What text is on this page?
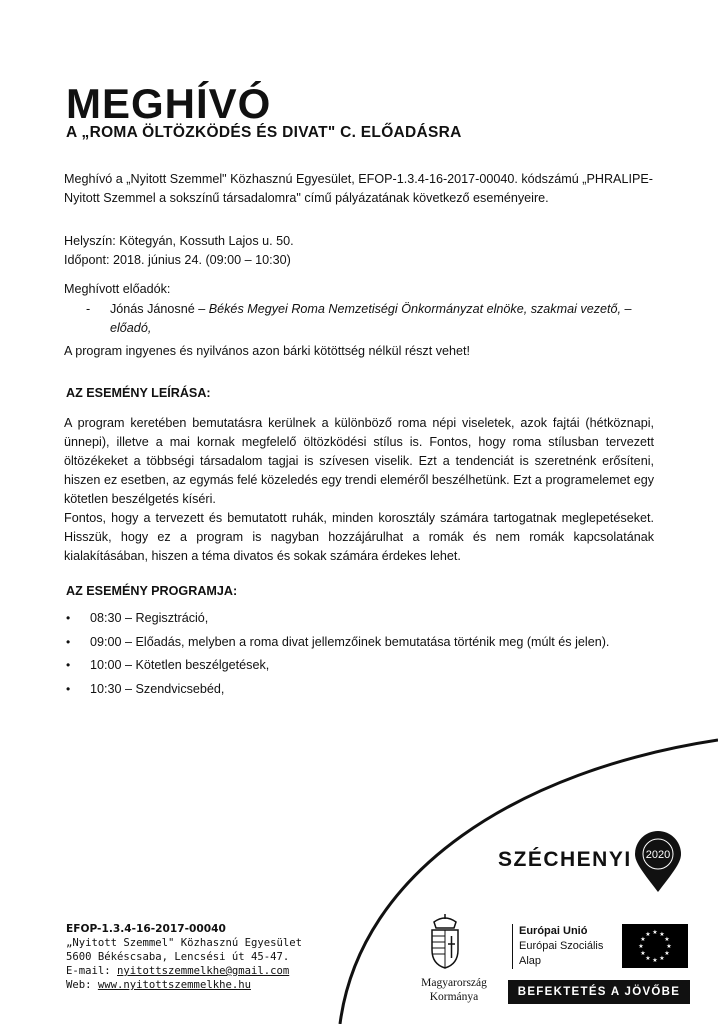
MEGHÍVÓ
A „ROMA ÖLTÖZKÖDÉS ÉS DIVAT" C. ELŐADÁSRA
Meghívó a „Nyitott Szemmel" Közhasznú Egyesület, EFOP-1.3.4-16-2017-00040. kódszámú „PHRALIPE-
Nyitott Szemmel a sokszínű társadalomra" című pályázatának következő eseményeire.
Helyszín: Kötegyán, Kossuth Lajos u. 50.
Időpont: 2018. június 24. (09:00 – 10:30)
Meghívott előadók:
- Jónás Jánosné – Békés Megyei Roma Nemzetiségi Önkormányzat elnöke, szakmai vezető, –
előadó,
A program ingyenes és nyilvános azon bárki kötöttség nélkül részt vehet!
AZ ESEMÉNY LEÍRÁSA:
A program keretében bemutatásra kerülnek a különböző roma népi viseletek, azok fajtái (hétköznapi, ünnepi), illetve a mai kornak megfelelő öltözködési stílus is. Fontos, hogy roma stílusban tervezett öltözékeket a többségi társadalom tagjai is szívesen viselik. Ezt a tendenciát is szeretnénk erősíteni, hiszen ez esetben, az egymás felé közeledés egy trendi eleméről beszélhetünk. Ezt a programelemet egy kötetlen beszélgetés kíséri.
Fontos, hogy a tervezett és bemutatott ruhák, minden korosztály számára tartogatnak meglepetéseket. Hisszük, hogy ez a program is nagyban hozzájárulhat a romák és nem romák kapcsolatának kialakításában, hiszen a téma divatos és sokak számára érdekes lehet.
AZ ESEMÉNY PROGRAMJA:
• 08:30 – Regisztráció,
• 09:00 – Előadás, melyben a roma divat jellemzőinek bemutatása történik meg (múlt és jelen).
• 10:00 – Kötetlen beszélgetések,
• 10:30 – Szendvicsebéd,
EFOP-1.3.4-16-2017-00040
„Nyitott Szemmel" Közhasznú Egyesület
5600 Békéscsaba, Lencsési út 45-47.
E-mail: nyitottszemmelkhe@gmail.com
Web: www.nyitottszemmelkhe.hu
SZÉCHENYI 2020
Magyarország
Kormánya
Európai Unió
Európai Szociális
Alap
★ ★
★
★
★
★
★
★
★
★
★
★
BEFEKTETÉS A JÖVŐBE
